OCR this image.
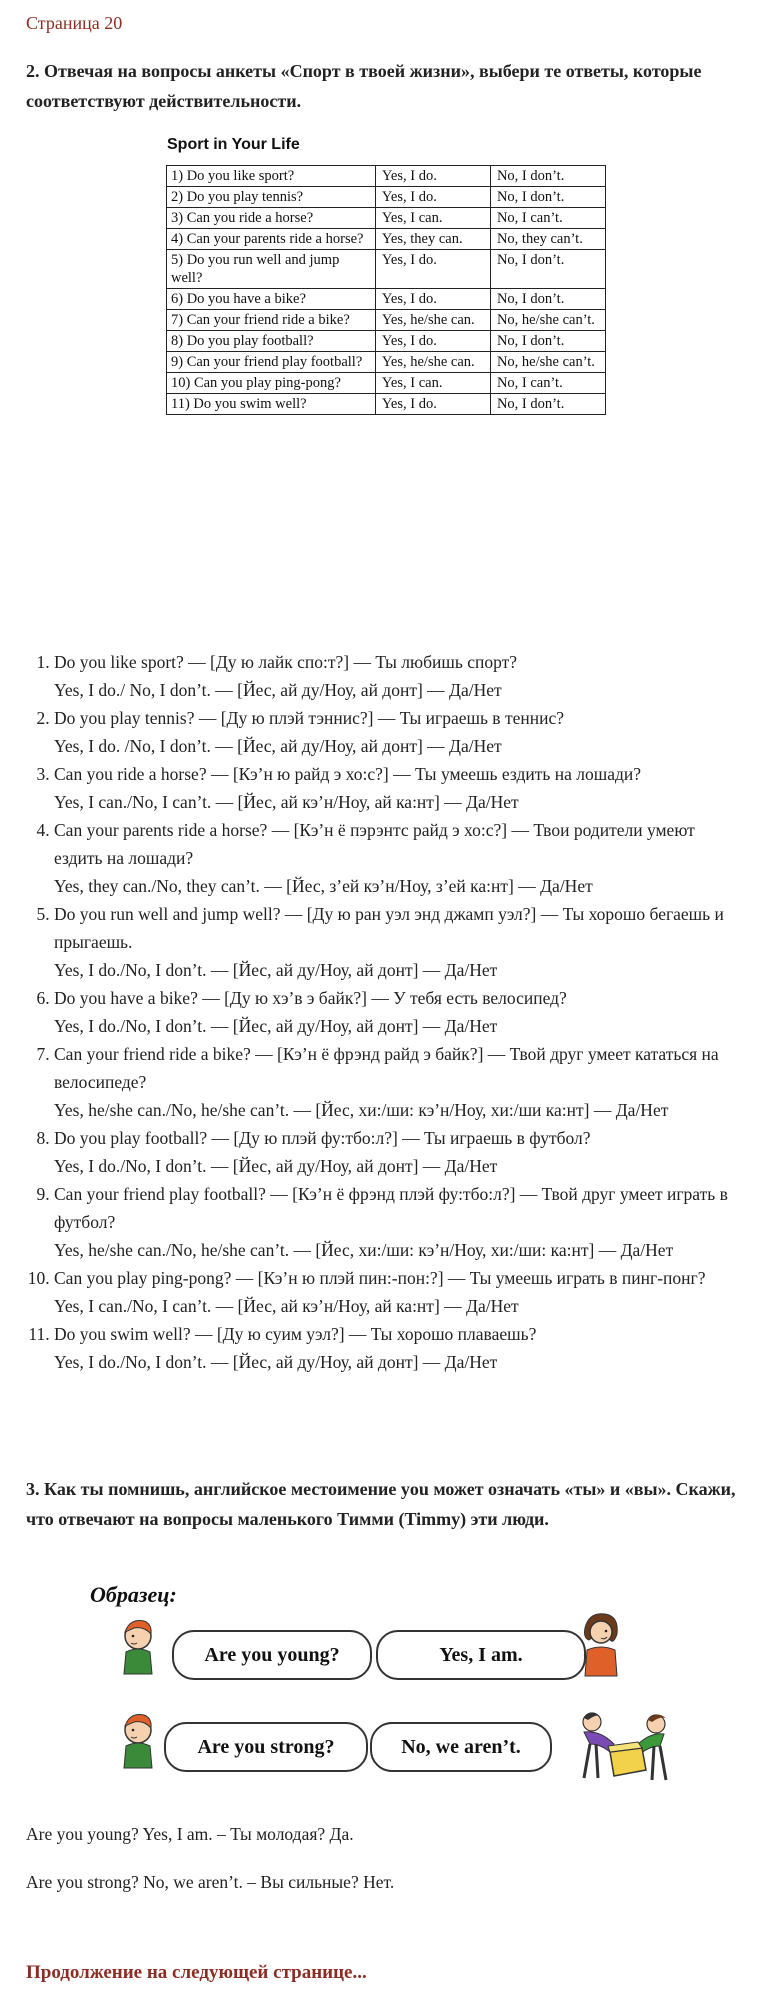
Страница 20
2. Отвечая на вопросы анкеты «Спорт в твоей жизни», выбери те ответы, которые соответствуют действительности.
Sport in Your Life
1) Do you like sport?	Yes, I do.	No, I don’t.
2) Do you play tennis?	Yes, I do.	No, I don’t.
3) Can you ride a horse?	Yes, I can.	No, I can’t.
4) Can your parents ride a horse?	Yes, they can.	No, they can’t.
5) Do you run well and jump well?	Yes, I do.	No, I don’t.
6) Do you have a bike?	Yes, I do.	No, I don’t.
7) Can your friend ride a bike?	Yes, he/she can.	No, he/she can’t.
8) Do you play football?	Yes, I do.	No, I don’t.
9) Can your friend play football?	Yes, he/she can.	No, he/she can’t.
10) Can you play ping-pong?	Yes, I can.	No, I can’t.
11) Do you swim well?	Yes, I do.	No, I don’t.
1. Do you like sport? — [Ду ю лайк спо:т?] — Ты любишь спорт?
Yes, I do./ No, I don’t. — [Йес, ай ду/Ноу, ай донт] — Да/Нет
2. Do you play tennis? — [Ду ю плэй тэннис?] — Ты играешь в теннис?
Yes, I do. /No, I don’t. — [Йес, ай ду/Ноу, ай донт] — Да/Нет
3. Can you ride a horse? — [Кэ’н ю райд э хо:с?] — Ты умеешь ездить на лошади?
Yes, I can./No, I can’t. — [Йес, ай кэ’н/Ноу, ай ка:нт] — Да/Нет
4. Can your parents ride a horse? — [Кэ’н ё пэрэнтс райд э хо:с?] — Твои родители умеют ездить на лошади?
Yes, they can./No, they can’t. — [Йес, з’ей кэ’н/Ноу, з’ей ка:нт] — Да/Нет
5. Do you run well and jump well? — [Ду ю ран уэл энд джамп уэл?] — Ты хорошо бегаешь и прыгаешь.
Yes, I do./No, I don’t. — [Йес, ай ду/Ноу, ай донт] — Да/Нет
6. Do you have a bike? — [Ду ю хэ’в э байк?] — У тебя есть велосипед?
Yes, I do./No, I don’t. — [Йес, ай ду/Ноу, ай донт] — Да/Нет
7. Can your friend ride a bike? — [Кэ’н ё фрэнд райд э байк?] — Твой друг умеет кататься на велосипеде?
Yes, he/she can./No, he/she can’t. — [Йес, хи:/ши: кэ’н/Ноу, хи:/ши ка:нт] — Да/Нет
8. Do you play football? — [Ду ю плэй фу:тбо:л?] — Ты играешь в футбол?
Yes, I do./No, I don’t. — [Йес, ай ду/Ноу, ай донт] — Да/Нет
9. Can your friend play football? — [Кэ’н ё фрэнд плэй фу:тбо:л?] — Твой друг умеет играть в футбол?
Yes, he/she can./No, he/she can’t. — [Йес, хи:/ши: кэ’н/Ноу, хи:/ши: ка:нт] — Да/Нет
10. Can you play ping-pong? — [Кэ’н ю плэй пин:-пон:?] — Ты умеешь играть в пинг-понг?
Yes, I can./No, I can’t. — [Йес, ай кэ’н/Ноу, ай ка:нт] — Да/Нет
11. Do you swim well? — [Ду ю суим уэл?] — Ты хорошо плаваешь?
Yes, I do./No, I don’t. — [Йес, ай ду/Ноу, ай донт] — Да/Нет
3. Как ты помнишь, английское местоимение you может означать «ты» и «вы». Скажи, что отвечают на вопросы маленького Тимми (Timmy) эти люди.
Образец:
Are you young?	Yes, I am.
Are you strong?	No, we aren’t.
Are you young? Yes, I am. – Ты молодая? Да.
Are you strong? No, we aren’t. – Вы сильные? Нет.
Продолжение на следующей странице...
